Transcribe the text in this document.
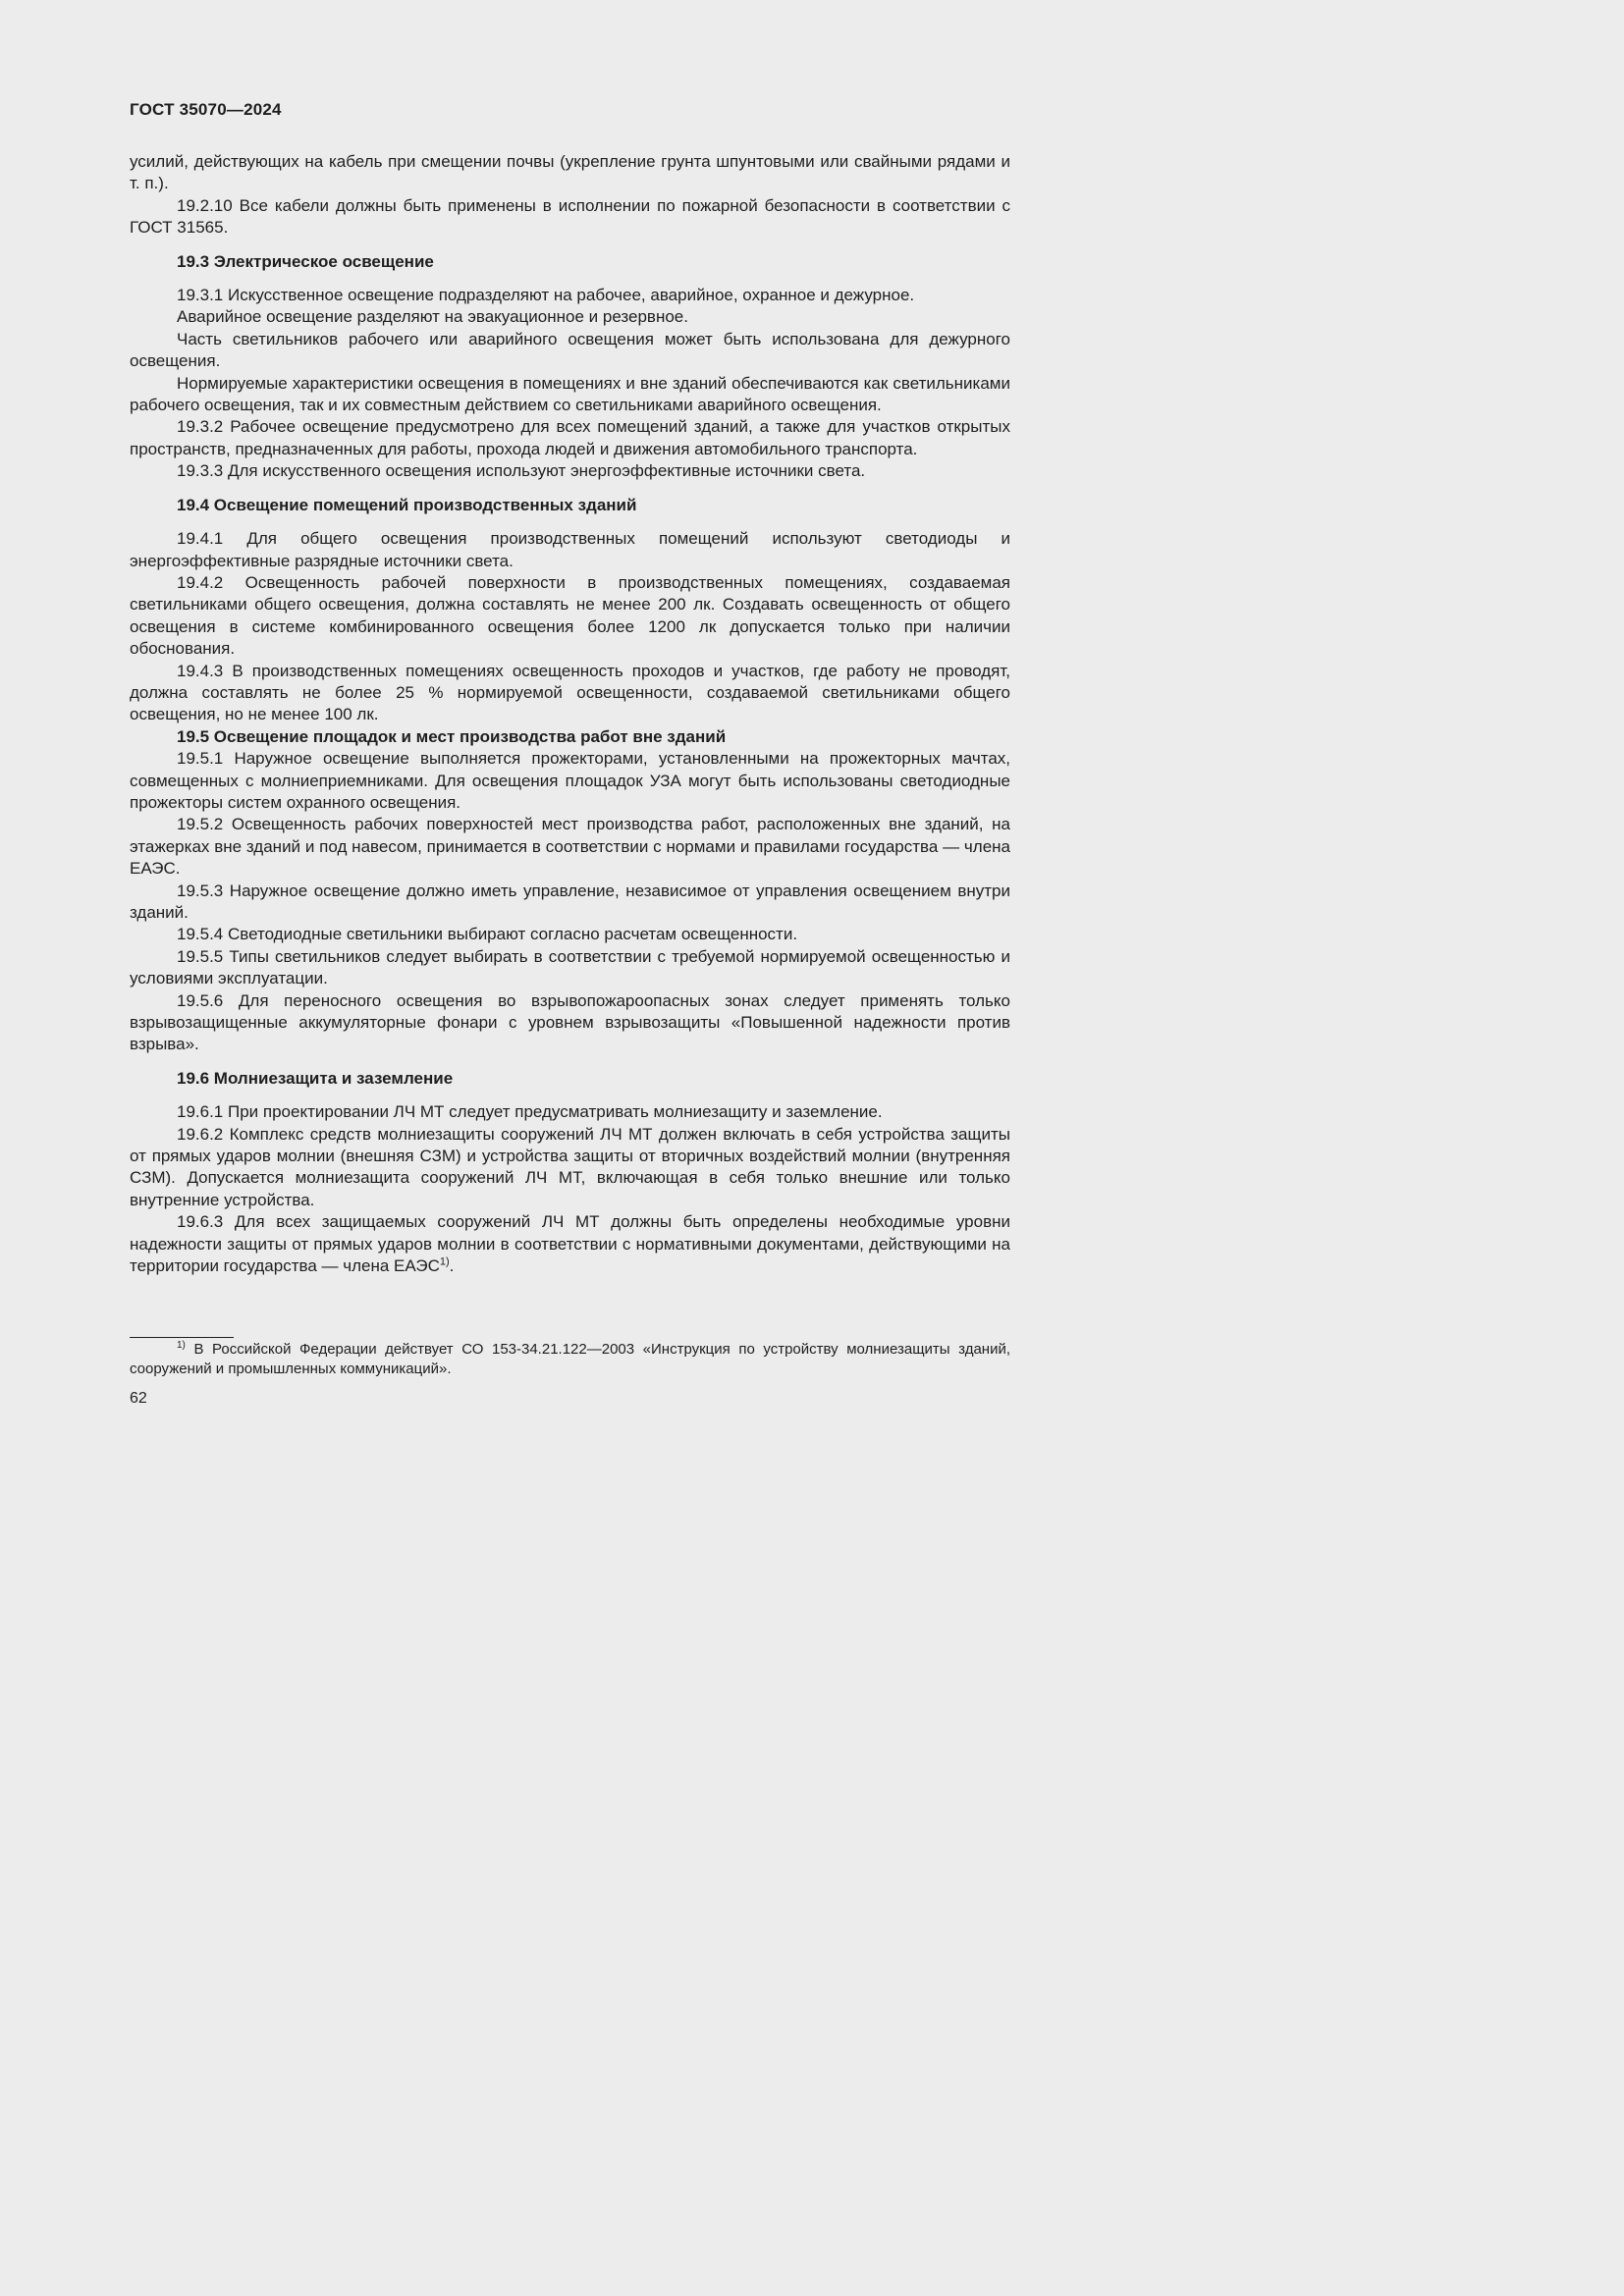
ГОСТ 35070—2024

усилий, действующих на кабель при смещении почвы (укрепление грунта шпунтовыми или свайными рядами и т. п.).

19.2.10 Все кабели должны быть применены в исполнении по пожарной безопасности в соответствии с ГОСТ 31565.

19.3 Электрическое освещение

19.3.1 Искусственное освещение подразделяют на рабочее, аварийное, охранное и дежурное.

Аварийное освещение разделяют на эвакуационное и резервное.

Часть светильников рабочего или аварийного освещения может быть использована для дежурного освещения.

Нормируемые характеристики освещения в помещениях и вне зданий обеспечиваются как светильниками рабочего освещения, так и их совместным действием со светильниками аварийного освещения.

19.3.2 Рабочее освещение предусмотрено для всех помещений зданий, а также для участков открытых пространств, предназначенных для работы, прохода людей и движения автомобильного транспорта.

19.3.3 Для искусственного освещения используют энергоэффективные источники света.

19.4 Освещение помещений производственных зданий

19.4.1 Для общего освещения производственных помещений используют светодиоды и энергоэффективные разрядные источники света.

19.4.2 Освещенность рабочей поверхности в производственных помещениях, создаваемая светильниками общего освещения, должна составлять не менее 200 лк. Создавать освещенность от общего освещения в системе комбинированного освещения более 1200 лк допускается только при наличии обоснования.

19.4.3 В производственных помещениях освещенность проходов и участков, где работу не проводят, должна составлять не более 25 % нормируемой освещенности, создаваемой светильниками общего освещения, но не менее 100 лк.

19.5 Освещение площадок и мест производства работ вне зданий

19.5.1 Наружное освещение выполняется прожекторами, установленными на прожекторных мачтах, совмещенных с молниеприемниками. Для освещения площадок УЗА могут быть использованы светодиодные прожекторы систем охранного освещения.

19.5.2 Освещенность рабочих поверхностей мест производства работ, расположенных вне зданий, на этажерках вне зданий и под навесом, принимается в соответствии с нормами и правилами государства — члена ЕАЭС.

19.5.3 Наружное освещение должно иметь управление, независимое от управления освещением внутри зданий.

19.5.4 Светодиодные светильники выбирают согласно расчетам освещенности.

19.5.5 Типы светильников следует выбирать в соответствии с требуемой нормируемой освещенностью и условиями эксплуатации.

19.5.6 Для переносного освещения во взрывопожароопасных зонах следует применять только взрывозащищенные аккумуляторные фонари с уровнем взрывозащиты «Повышенной надежности против взрыва».

19.6 Молниезащита и заземление

19.6.1 При проектировании ЛЧ МТ следует предусматривать молниезащиту и заземление.

19.6.2 Комплекс средств молниезащиты сооружений ЛЧ МТ должен включать в себя устройства защиты от прямых ударов молнии (внешняя СЗМ) и устройства защиты от вторичных воздействий молнии (внутренняя СЗМ). Допускается молниезащита сооружений ЛЧ МТ, включающая в себя только внешние или только внутренние устройства.

19.6.3 Для всех защищаемых сооружений ЛЧ МТ должны быть определены необходимые уровни надежности защиты от прямых ударов молнии в соответствии с нормативными документами, действующими на территории государства — члена ЕАЭС$^{1)}$.

$^{1)}$ В Российской Федерации действует СО 153-34.21.122—2003 «Инструкция по устройству молниезащиты зданий, сооружений и промышленных коммуникаций».
62
